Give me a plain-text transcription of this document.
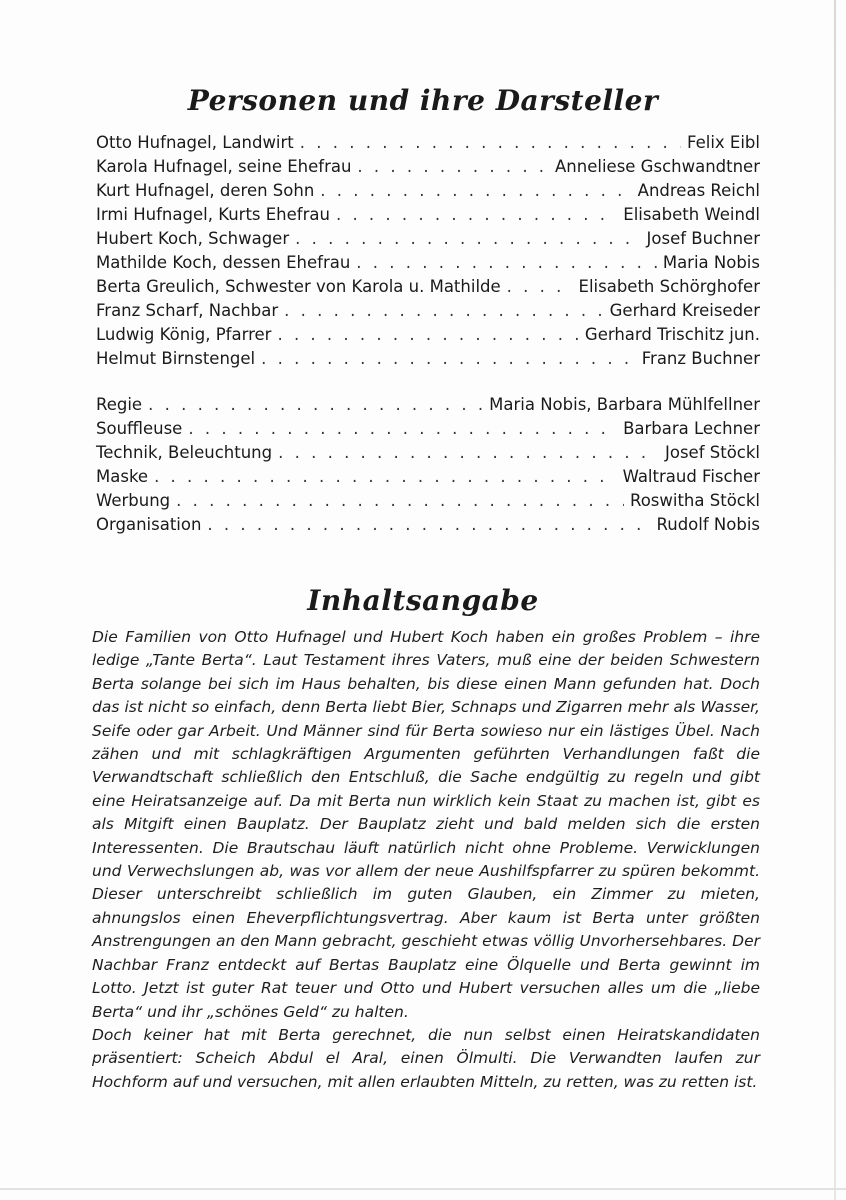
Personen und ihre Darsteller
Otto Hufnagel, Landwirt . . .	Felix Eibl
Karola Hufnagel, seine Ehefrau . . .	Anneliese Gschwandtner
Kurt Hufnagel, deren Sohn . . .	Andreas Reichl
Irmi Hufnagel, Kurts Ehefrau . . .	Elisabeth Weindl
Hubert Koch, Schwager . . .	Josef Buchner
Mathilde Koch, dessen Ehefrau . . .	Maria Nobis
Berta Greulich, Schwester von Karola u. Mathilde . . .	Elisabeth Schörghofer
Franz Scharf, Nachbar . . .	Gerhard Kreiseder
Ludwig König, Pfarrer . . .	Gerhard Trischitz jun.
Helmut Birnstengel . . .	Franz Buchner
Regie . . .	Maria Nobis, Barbara Mühlfellner
Souffleuse . . .	Barbara Lechner
Technik, Beleuchtung . . .	Josef Stöckl
Maske . . .	Waltraud Fischer
Werbung . . .	Roswitha Stöckl
Organisation . . .	Rudolf Nobis
Inhaltsangabe

Die Familien von Otto Hufnagel und Hubert Koch haben ein großes Problem – ihre ledige „Tante Berta“. Laut Testament ihres Vaters, muß eine der beiden Schwestern Berta solange bei sich im Haus behalten, bis diese einen Mann gefunden hat. Doch das ist nicht so einfach, denn Berta liebt Bier, Schnaps und Zigarren mehr als Wasser, Seife oder gar Arbeit. Und Männer sind für Berta sowieso nur ein lästiges Übel. Nach zähen und mit schlagkräftigen Argumenten geführten Verhandlungen faßt die Verwandtschaft schließlich den Entschluß, die Sache endgültig zu regeln und gibt eine Heiratsanzeige auf. Da mit Berta nun wirklich kein Staat zu machen ist, gibt es als Mitgift einen Bauplatz. Der Bauplatz zieht und bald melden sich die ersten Interessenten. Die Brautschau läuft natürlich nicht ohne Probleme. Verwicklungen und Verwechslungen ab, was vor allem der neue Aushilfspfarrer zu spüren bekommt. Dieser unterschreibt schließlich im guten Glauben, ein Zimmer zu mieten, ahnungslos einen Eheverpflichtungsvertrag. Aber kaum ist Berta unter größten Anstrengungen an den Mann gebracht, geschieht etwas völlig Unvorhersehbares. Der Nachbar Franz entdeckt auf Bertas Bauplatz eine Ölquelle und Berta gewinnt im Lotto. Jetzt ist guter Rat teuer und Otto und Hubert versuchen alles um die „liebe Berta“ und ihr „schönes Geld“ zu halten.

Doch keiner hat mit Berta gerechnet, die nun selbst einen Heiratskandidaten präsentiert: Scheich Abdul el Aral, einen Ölmulti. Die Verwandten laufen zur Hochform auf und versuchen, mit allen erlaubten Mitteln, zu retten, was zu retten ist.
